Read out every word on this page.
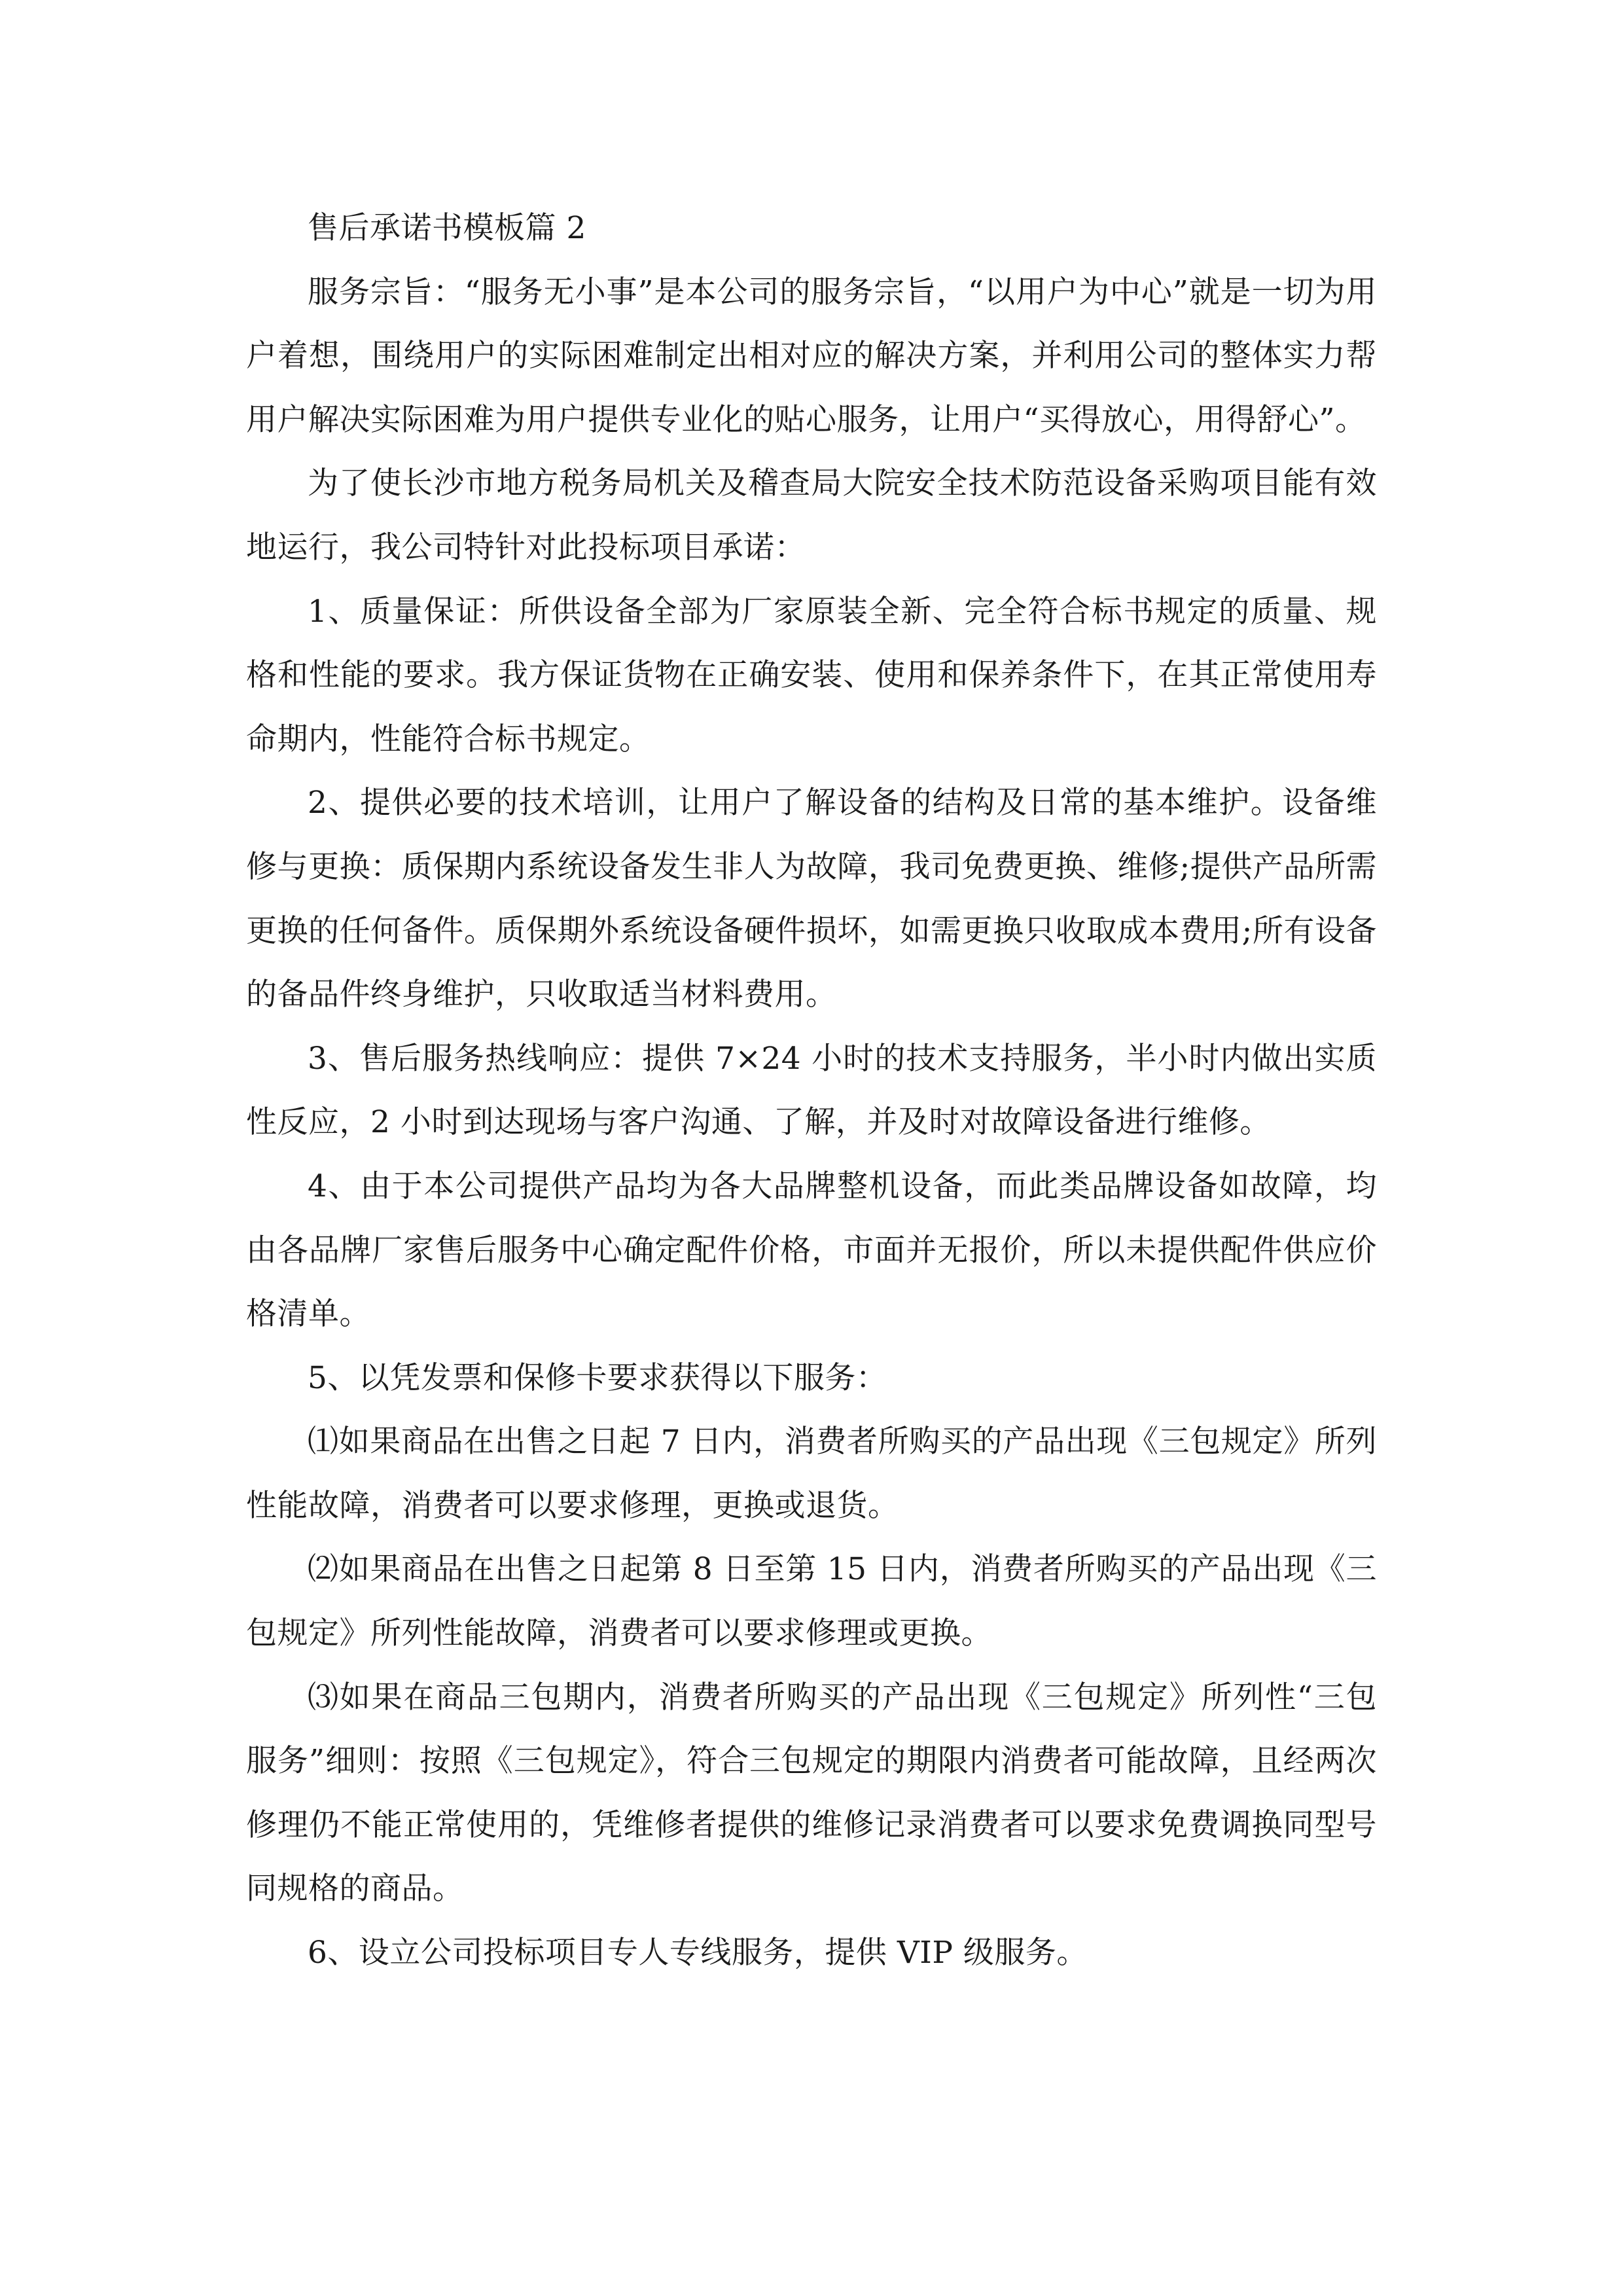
售后承诺书模板篇 2

服务宗旨：“服务无小事”是本公司的服务宗旨，“以用户为中心”就是一切为用户着想，围绕用户的实际困难制定出相对应的解决方案，并利用公司的整体实力帮用户解决实际困难为用户提供专业化的贴心服务，让用户“买得放心，用得舒心”。

为了使长沙市地方税务局机关及稽查局大院安全技术防范设备采购项目能有效地运行，我公司特针对此投标项目承诺：

1、质量保证：所供设备全部为厂家原装全新、完全符合标书规定的质量、规格和性能的要求。我方保证货物在正确安装、使用和保养条件下，在其正常使用寿命期内，性能符合标书规定。

2、提供必要的技术培训，让用户了解设备的结构及日常的基本维护。设备维修与更换：质保期内系统设备发生非人为故障，我司免费更换、维修;提供产品所需更换的任何备件。质保期外系统设备硬件损坏，如需更换只收取成本费用;所有设备的备品件终身维护，只收取适当材料费用。

3、售后服务热线响应：提供 7×24 小时的技术支持服务，半小时内做出实质性反应，2 小时到达现场与客户沟通、了解，并及时对故障设备进行维修。

4、由于本公司提供产品均为各大品牌整机设备，而此类品牌设备如故障，均由各品牌厂家售后服务中心确定配件价格，市面并无报价，所以未提供配件供应价格清单。

5、以凭发票和保修卡要求获得以下服务：

⑴如果商品在出售之日起 7 日内，消费者所购买的产品出现《三包规定》所列性能故障，消费者可以要求修理，更换或退货。

⑵如果商品在出售之日起第 8 日至第 15 日内，消费者所购买的产品出现《三包规定》所列性能故障，消费者可以要求修理或更换。

⑶如果在商品三包期内，消费者所购买的产品出现《三包规定》所列性“三包服务”细则：按照《三包规定》，符合三包规定的期限内消费者可能故障，且经两次修理仍不能正常使用的，凭维修者提供的维修记录消费者可以要求免费调换同型号同规格的商品。

6、设立公司投标项目专人专线服务，提供 VIP 级服务。
